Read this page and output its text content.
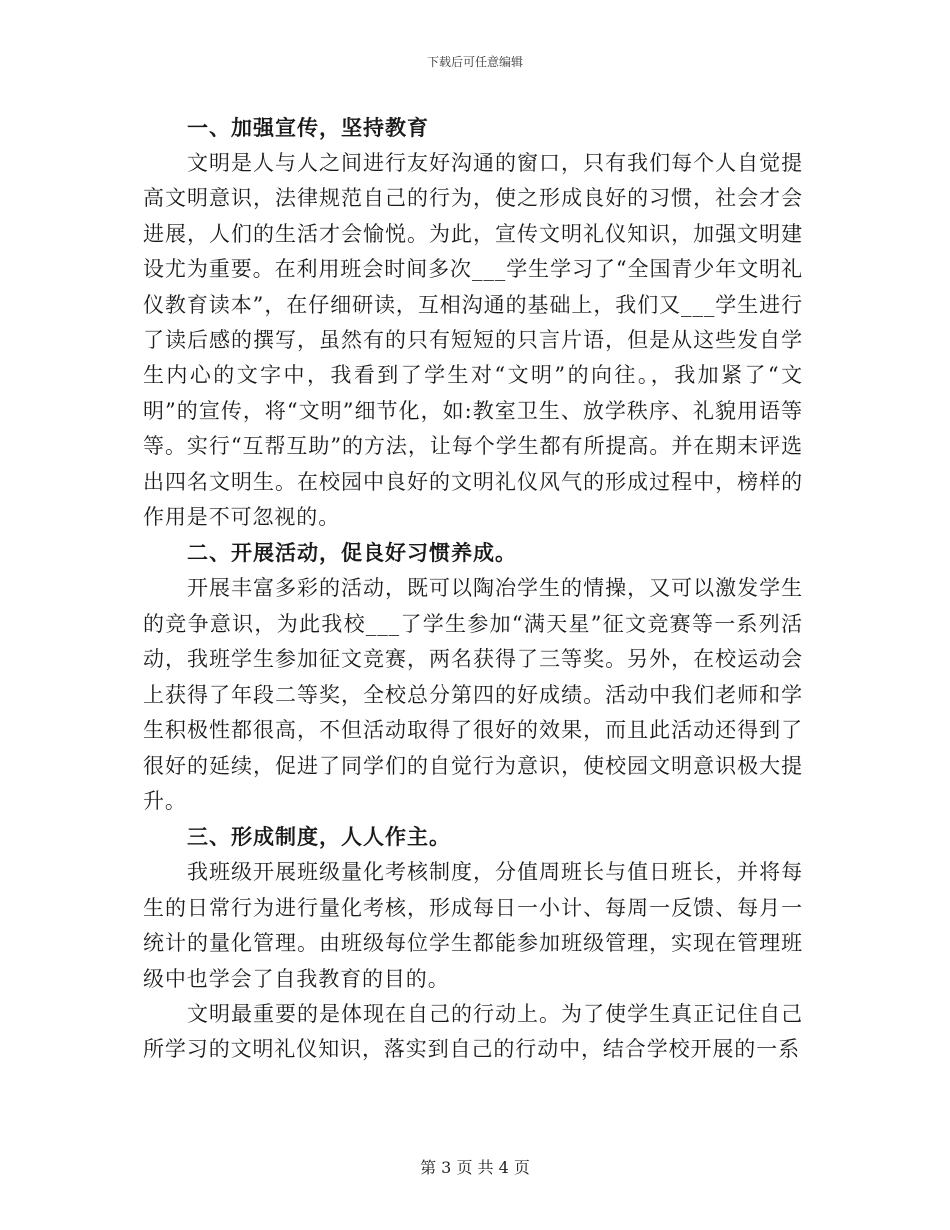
下载后可任意编辑
一、加强宣传，坚持教育

文明是人与人之间进行友好沟通的窗口，只有我们每个人自觉提高文明意识，法律规范自己的行为，使之形成良好的习惯，社会才会进展，人们的生活才会愉悦。为此，宣传文明礼仪知识，加强文明建设尤为重要。在利用班会时间多次___学生学习了“全国青少年文明礼仪教育读本”，在仔细研读，互相沟通的基础上，我们又___学生进行了读后感的撰写，虽然有的只有短短的只言片语，但是从这些发自学生内心的文字中，我看到了学生对“文明”的向往。，我加紧了“文明”的宣传，将“文明”细节化，如:教室卫生、放学秩序、礼貌用语等等。实行“互帮互助”的方法，让每个学生都有所提高。并在期末评选出四名文明生。在校园中良好的文明礼仪风气的形成过程中，榜样的作用是不可忽视的。

二、开展活动，促良好习惯养成。

开展丰富多彩的活动，既可以陶冶学生的情操，又可以激发学生的竞争意识，为此我校___了学生参加“满天星”征文竞赛等一系列活动，我班学生参加征文竞赛，两名获得了三等奖。另外，在校运动会上获得了年段二等奖，全校总分第四的好成绩。活动中我们老师和学生积极性都很高，不但活动取得了很好的效果，而且此活动还得到了很好的延续，促进了同学们的自觉行为意识，使校园文明意识极大提升。

三、形成制度，人人作主。

我班级开展班级量化考核制度，分值周班长与值日班长，并将每生的日常行为进行量化考核，形成每日一小计、每周一反馈、每月一统计的量化管理。由班级每位学生都能参加班级管理，实现在管理班级中也学会了自我教育的目的。

文明最重要的是体现在自己的行动上。为了使学生真正记住自己所学习的文明礼仪知识，落实到自己的行动中，结合学校开展的一系

第 3 页 共 4 页
